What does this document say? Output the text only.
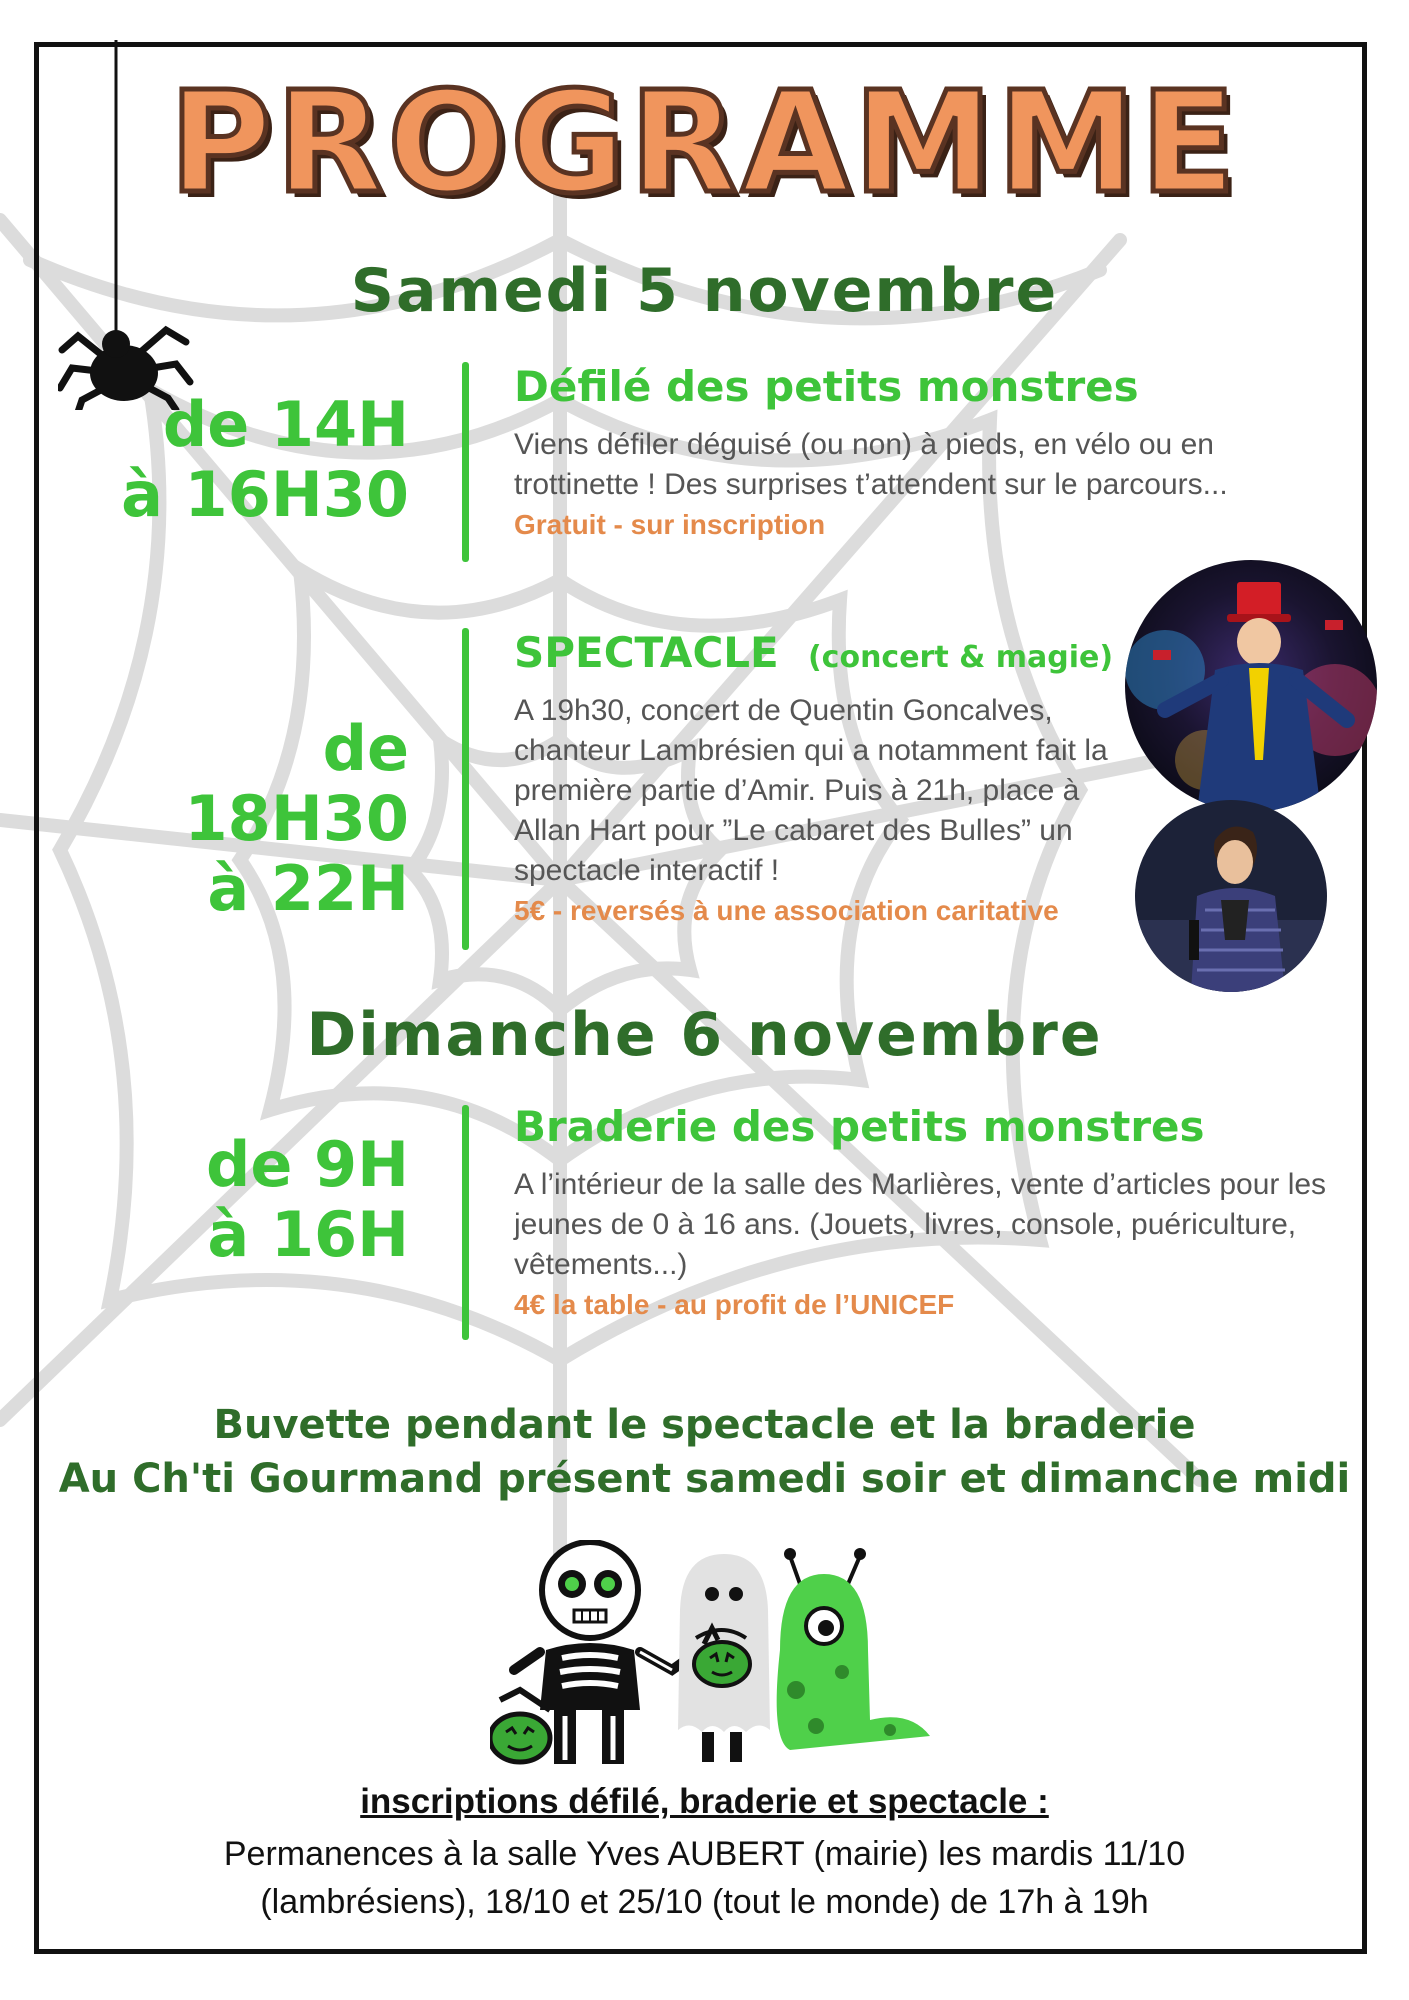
PROGRAMME
Samedi 5 novembre
de 14H
à 16H30
Défilé des petits monstres
Viens défiler déguisé (ou non) à pieds, en vélo ou en trottinette ! Des surprises t’attendent sur le parcours...
Gratuit - sur inscription
de 18H30
à 22H
SPECTACLE (concert & magie)
A 19h30, concert de Quentin Goncalves, chanteur Lambrésien qui a notamment fait la première partie d’Amir. Puis à 21h, place à Allan Hart pour ”Le cabaret des Bulles” un spectacle interactif !
5€ - reversés à une association caritative
Dimanche 6 novembre
de 9H
à 16H
Braderie des petits monstres
A l’intérieur de la salle des Marlières, vente d’articles pour les jeunes de 0 à 16 ans. (Jouets, livres, console, puériculture, vêtements...)
4€ la table - au profit de l’UNICEF
Buvette pendant le spectacle et la braderie
Au Ch'ti Gourmand présent samedi soir et dimanche midi
inscriptions défilé, braderie et spectacle :
Permanences à la salle Yves AUBERT (mairie) les mardis 11/10
(lambrésiens), 18/10 et 25/10 (tout le monde) de 17h à 19h
